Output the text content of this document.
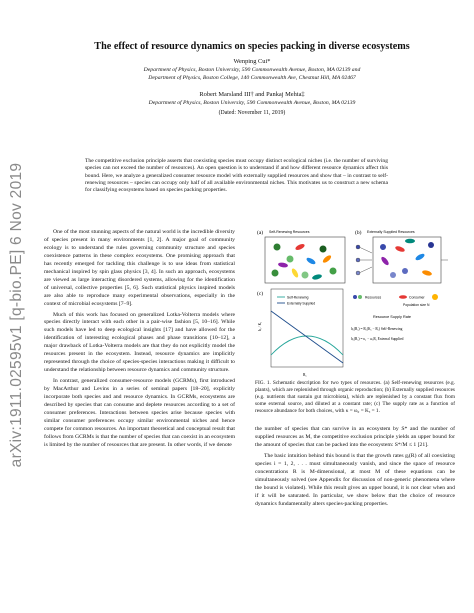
arXiv:1911.02595v1 [q-bio.PE] 6 Nov 2019
The effect of resource dynamics on species packing in diverse ecosystems
Wenping Cui*
Department of Physics, Boston University, 590 Commonwealth Avenue, Boston, MA 02139 and
Department of Physics, Boston College, 140 Commonwealth Ave, Chestnut Hill, MA 02467
Robert Marsland III† and Pankaj Mehta‡
Department of Physics, Boston University, 590 Commonwealth Avenue, Boston, MA 02139
(Dated: November 11, 2019)
The competitive exclusion principle asserts that coexisting species must occupy distinct ecological niches (i.e. the number of surviving species can not exceed the number of resources). An open question is to understand if and how different resource dynamics affect this bound. Here, we analyze a generalized consumer resource model with externally supplied resources and show that – in contrast to self-renewing resources – species can occupy only half of all available environmental niches. This motivates us to construct a new schema for classifying ecosystems based on species packing properties.

One of the most stunning aspects of the natural world is the incredible diversity of species present in many environments [1, 2]. A major goal of community ecology is to understand the rules governing community structure and species coexistence patterns in these complex ecosystems. One promising approach that has recently emerged for tackling this challenge is to use ideas from statistical mechanical inspired by spin glass physics [3, 4]. In such an approach, ecosystems are viewed as large interacting disordered systems, allowing for the identification of universal, collective properties [5, 6]. Such statistical physics inspired models are also able to reproduce many experimental observations, especially in the context of microbial ecosystems [7–9].

Much of this work has focused on generalized Lotka-Volterra models where species directly interact with each other in a pair-wise fashion [5, 10–16]. While such models have led to deep ecological insights [17] and have allowed for the identification of interesting ecological phases and phase transitions [10–12], a major drawback of Lotka-Volterra models are that they do not explicitly model the resources present in the ecosystem. Instead, resource dynamics are implicitly represented through the choice of species-species interactions making it difficult to understand the relationship between resource dynamics and community structure.

In contrast, generalized consumer-resource models (GCRMs), first introduced by MacArthur and Levins in a series of seminal papers [18–20], explicitly incorporate both species and and resource dynamics. In GCRMs, ecosystems are described by species that can consume and deplete resources according to a set of consumer preferences. Interactions between species arise because species with similar consumer preferences occupy similar environmental niches and hence compete for common resources. An important theoretical and conceptual result that follows from GCRMs is that the number of species that can coexist in an ecosystem is limited by the number of resources that are present. In other words, if we denote

(a) Self-Renewing Resources	(b) Externally Supplied Resources
(c)
Self-Renewing
Externally Supplied
hₐ / Kₐ
Rₐ
Resources	Consumer
Population size N
Resource Supply Rate
hₐ(Rₐ) = Rₐ(Kₐ − Rₐ) Self-Renewing
hₐ(Rₐ) = κₐ − ωₐRₐ External Supplied
FIG. 1. Schematic description for two types of resources. (a) Self-renewing resources (e.g. plants), which are replenished through organic reproduction; (b) Externally supplied resources (e.g. nutrients that sustain gut microbiota), which are replenished by a constant flux from some external source, and diluted at a constant rate; (c) The supply rate as a function of resource abundance for both choices, with κ = ω₀ = Kₐ = 1.

the number of species that can survive in an ecosystem by S* and the number of supplied resources as M, the competitive exclusion principle yields an upper bound for the amount of species that can be packed into the ecosystem: S*/M ≤ 1 [21].

The basic intuition behind this bound is that the growth rates gᵢ(R) of all coexisting species i = 1, 2, . . . must simultaneously vanish, and since the space of resource concentrations R is M-dimensional, at most M of these equations can be simultaneously solved (see Appendix for discussion of non-generic phenomena where the bound is violated). While this result gives an upper bound, it is not clear when and if it will be saturated. In particular, we show below that the choice of resource dynamics fundamentally alters species-packing properties.
